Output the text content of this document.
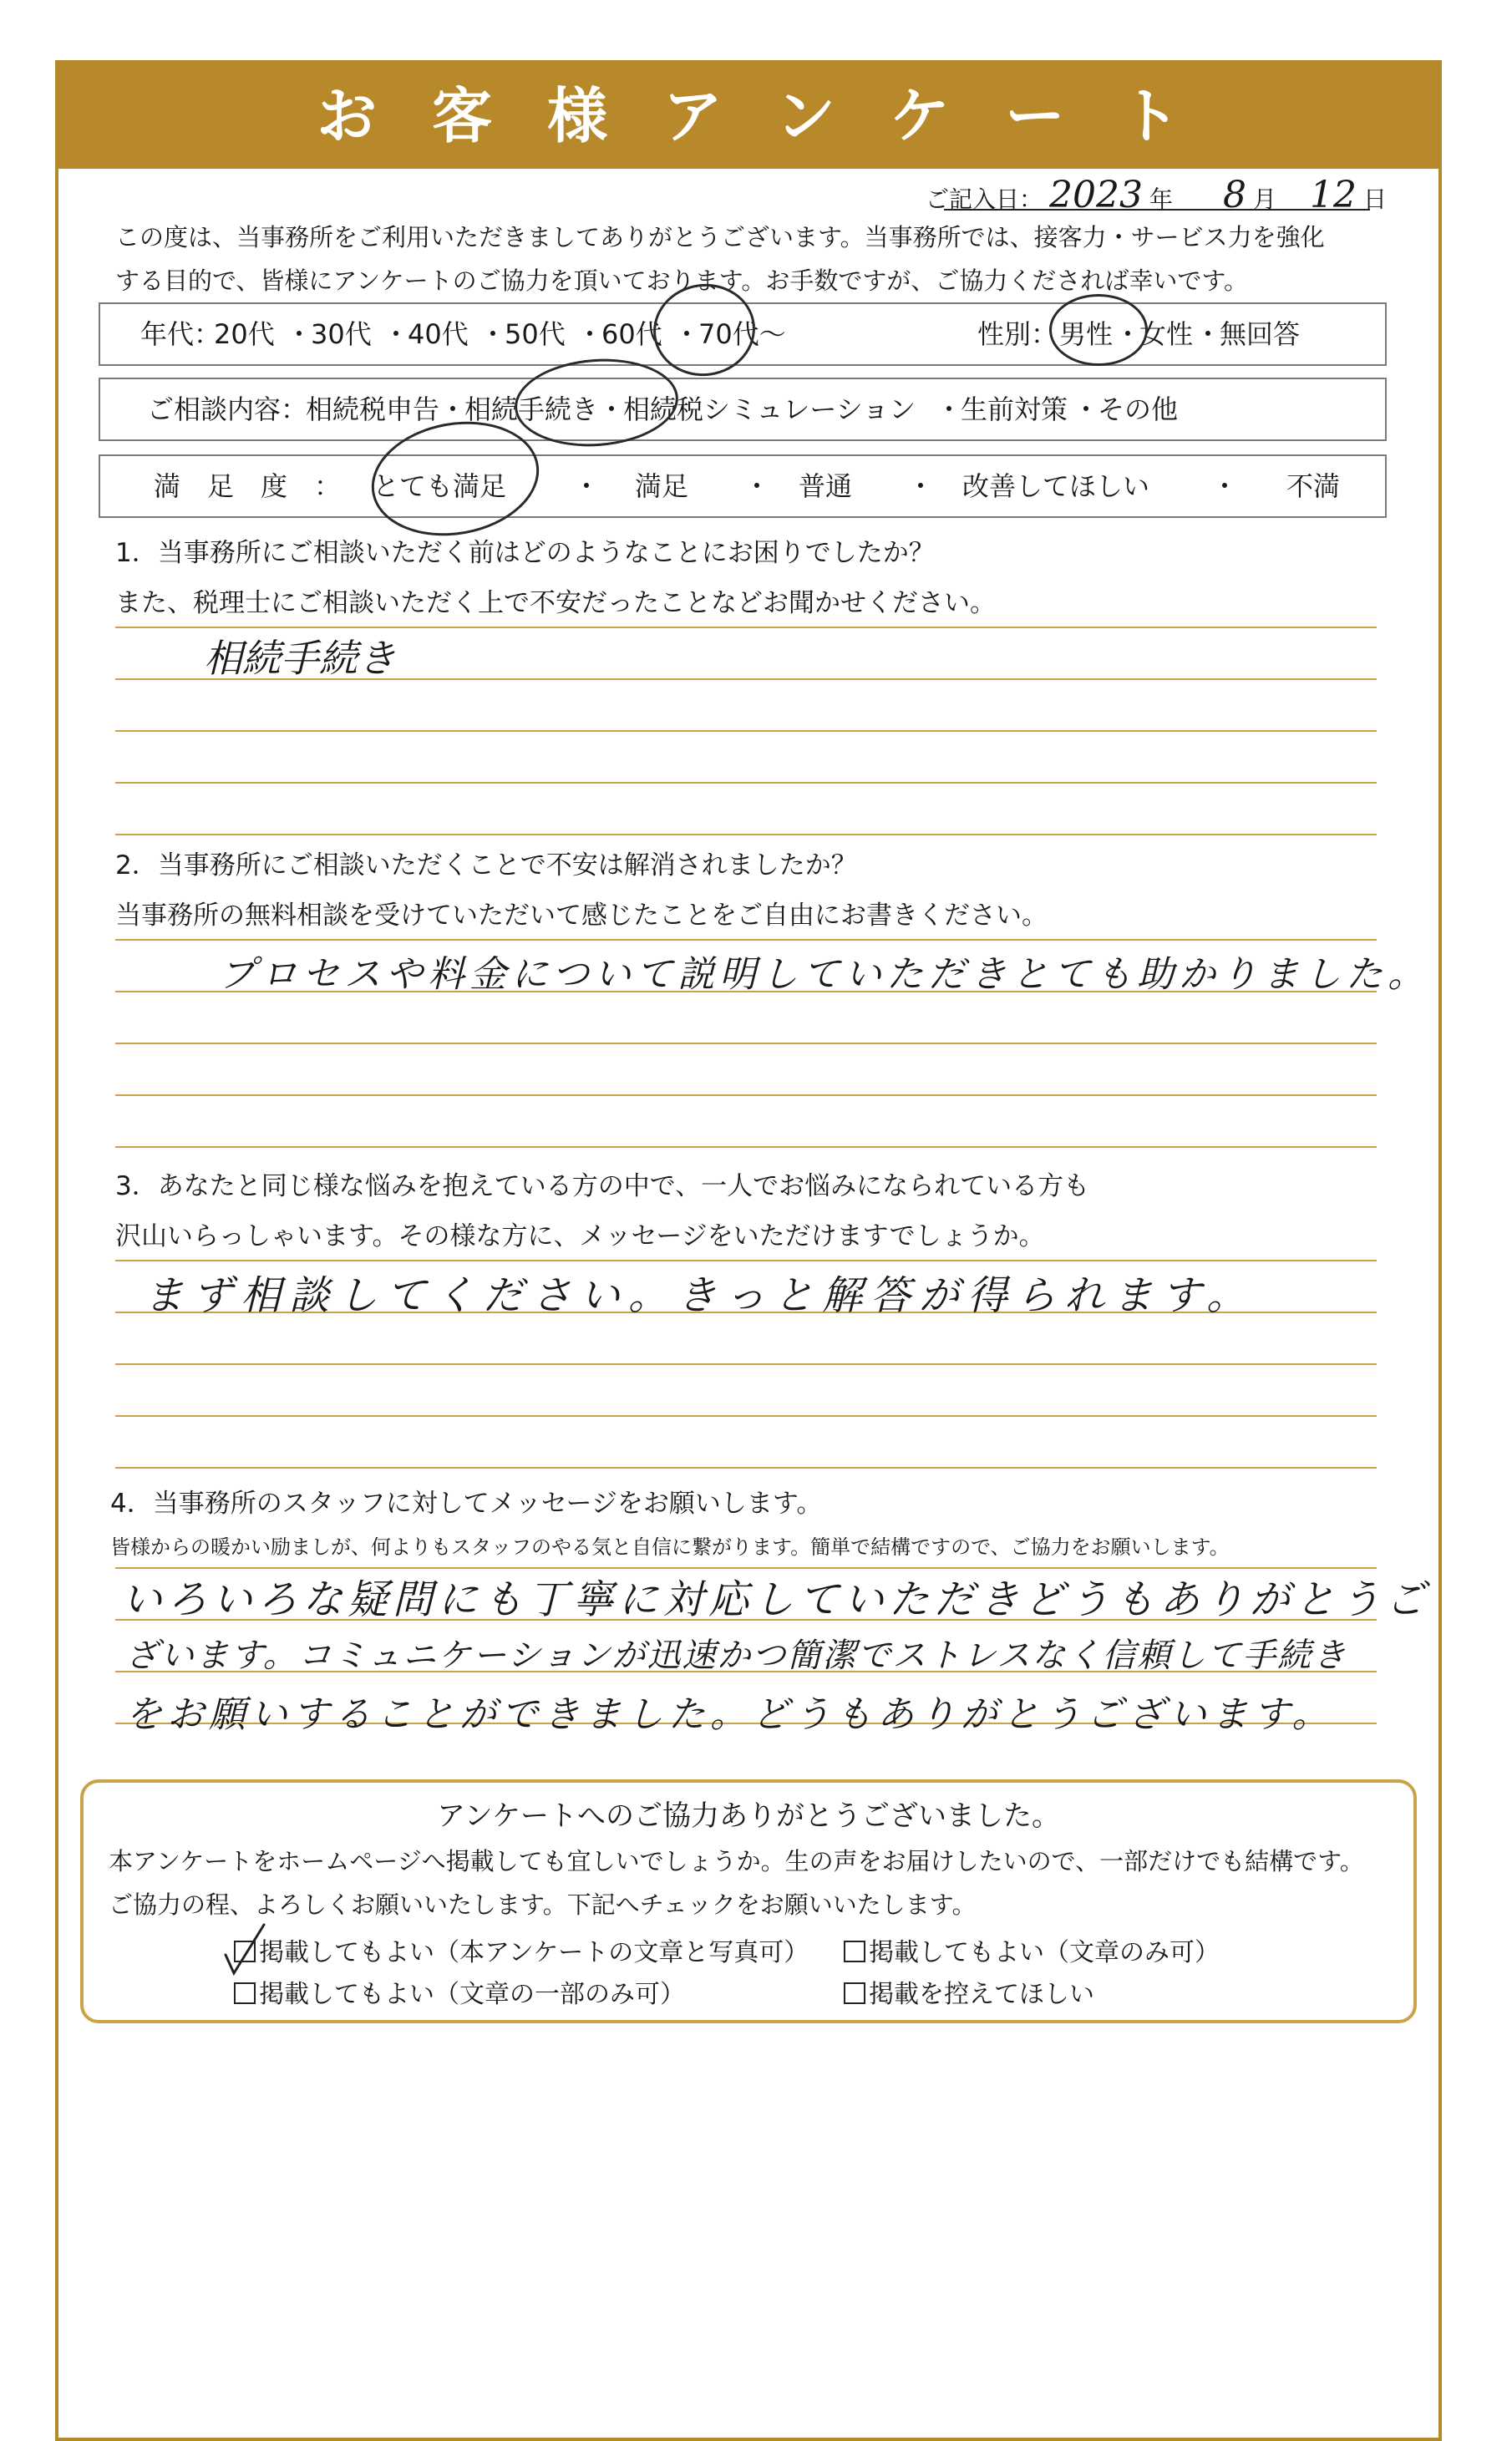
お客様アンケート
ご記入日： 2023 年 8 月 12 日
この度は、当事務所をご利用いただきましてありがとうございます。当事務所では、接客力・サービス力を強化
する目的で、皆様にアンケートのご協力を頂いております。お手数ですが、ご協力くだされば幸いです。
年代：
20代 ・
30代 ・
40代 ・
50代 ・
60代 ・
70代～	性別： 男性 ・
女性 ・
無回答
ご相談内容：
相続税申告 ・
相続手続き ・
相続税シミュレーション ・
生前対策 ・
その他
満　足　度　： とても満足 ・ 満足 ・ 普通 ・ 改善してほしい ・ 不満
1．当事務所にご相談いただく前はどのようなことにお困りでしたか？
また、税理士にご相談いただく上で不安だったことなどお聞かせください。
相続手続き
2．当事務所にご相談いただくことで不安は解消されましたか？
当事務所の無料相談を受けていただいて感じたことをご自由にお書きください。
プロセスや料金について説明していただきとても助かりました。
3．あなたと同じ様な悩みを抱えている方の中で、一人でお悩みになられている方も
沢山いらっしゃいます。その様な方に、メッセージをいただけますでしょうか。
まず相談してください。きっと解答が得られます。
4．当事務所のスタッフに対してメッセージをお願いします。
皆様からの暖かい励ましが、何よりもスタッフのやる気と自信に繋がります。簡単で結構ですので、ご協力をお願いします。
いろいろな疑問にも丁寧に対応していただきどうもありがとうご
ざいます。コミュニケーションが迅速かつ簡潔でストレスなく信頼して手続き
をお願いすることができました。どうもありがとうございます。
アンケートへのご協力ありがとうございました。
本アンケートをホームページへ掲載しても宜しいでしょうか。生の声をお届けしたいので、一部だけでも結構です。
ご協力の程、よろしくお願いいたします。下記へチェックをお願いいたします。
掲載してもよい（本アンケートの文章と写真可）	掲載してもよい（文章のみ可）
掲載してもよい（文章の一部のみ可）	掲載を控えてほしい
